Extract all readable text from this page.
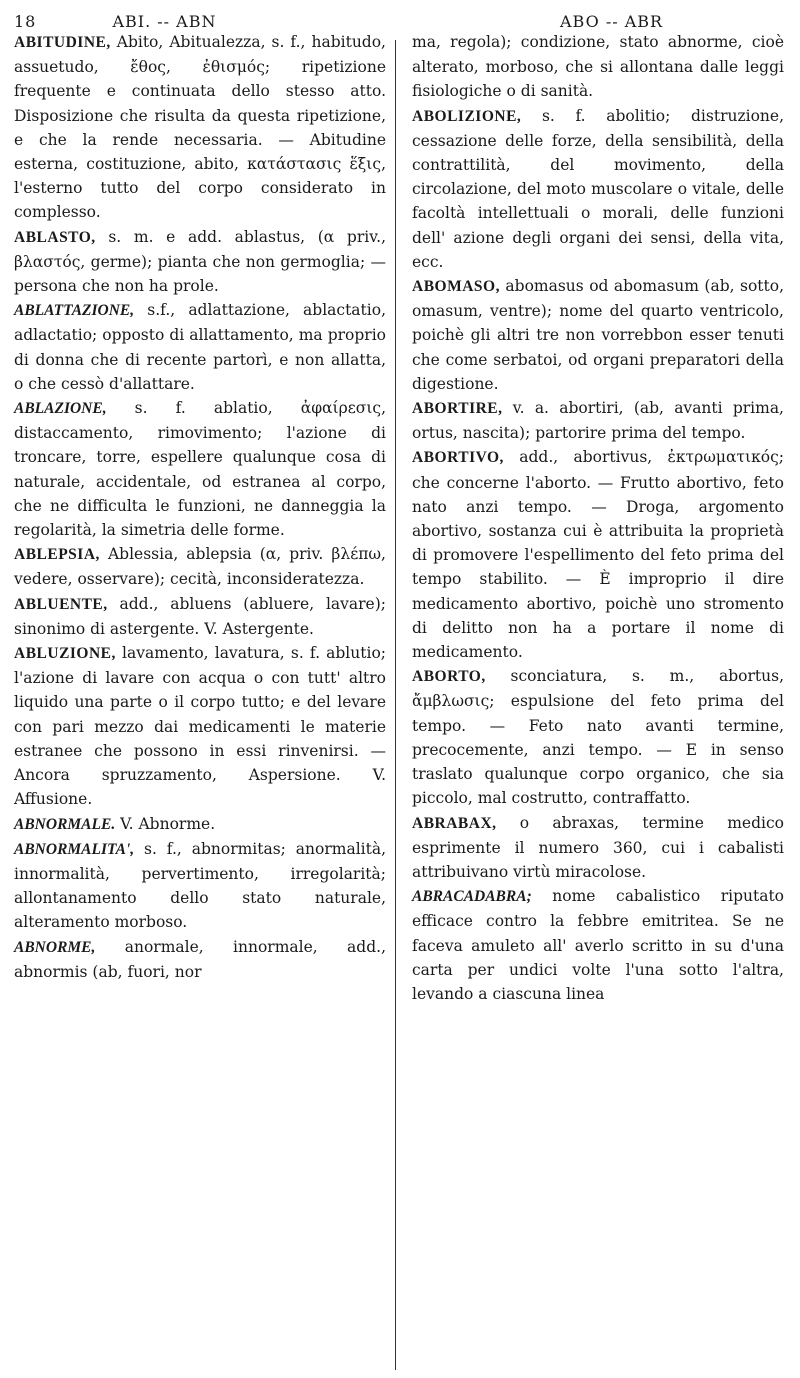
18	ABI. -- ABN	ABO -- ABR

ABITUDINE, Abito, Abitualezza, s. f., habitudo, assuetudo, ἔθος, ἐθισμός; ripetizione frequente e continuata dello stesso atto. Disposizione che risulta da questa ripetizione, e che la rende necessaria. — Abitudine esterna, costituzione, abito, κατάστασις ἕξις, l'esterno tutto del corpo considerato in complesso.

ABLASTO, s. m. e add. ablastus, (α priv., βλαστός, germe); pianta che non germoglia; — persona che non ha prole.

ABLATTAZIONE, s.f., adlattazione, ablactatio, adlactatio; opposto di allattamento, ma proprio di donna che di recente partorì, e non allatta, o che cessò d'allattare.

ABLAZIONE, s. f. ablatio, ἀφαίρεσις, distaccamento, rimovimento; l'azione di troncare, torre, espellere qualunque cosa di naturale, accidentale, od estranea al corpo, che ne difficulta le funzioni, ne danneggia la regolarità, la simetria delle forme.

ABLEPSIA, Ablessia, ablepsia (α, priv. βλέπω, vedere, osservare); cecità, inconsideratezza.

ABLUENTE, add., abluens (abluere, lavare); sinonimo di astergente. V. Astergente.

ABLUZIONE, lavamento, lavatura, s. f. ablutio; l'azione di lavare con acqua o con tutt' altro liquido una parte o il corpo tutto; e del levare con pari mezzo dai medicamenti le materie estranee che possono in essi rinvenirsi. — Ancora spruzzamento, Aspersione. V. Affusione.

ABNORMALE. V. Abnorme.

ABNORMALITA', s. f., abnormitas; anormalità, innormalità, pervertimento, irregolarità; allontanamento dello stato naturale, alteramento morboso.

ABNORME, anormale, innormale, add., abnormis (ab, fuori, nor

ma, regola); condizione, stato abnorme, cioè alterato, morboso, che si allontana dalle leggi fisiologiche o di sanità.

ABOLIZIONE, s. f. abolitio; distruzione, cessazione delle forze, della sensibilità, della contrattilità, del movimento, della circolazione, del moto muscolare o vitale, delle facoltà intellettuali o morali, delle funzioni dell' azione degli organi dei sensi, della vita, ecc.

ABOMASO, abomasus od abomasum (ab, sotto, omasum, ventre); nome del quarto ventricolo, poichè gli altri tre non vorrebbon esser tenuti che come serbatoi, od organi preparatori della digestione.

ABORTIRE, v. a. abortiri, (ab, avanti prima, ortus, nascita); partorire prima del tempo.

ABORTIVO, add., abortivus, ἐκτρωματικός; che concerne l'aborto. — Frutto abortivo, feto nato anzi tempo. — Droga, argomento abortivo, sostanza cui è attribuita la proprietà di promovere l'espellimento del feto prima del tempo stabilito. — È improprio il dire medicamento abortivo, poichè uno stromento di delitto non ha a portare il nome di medicamento.

ABORTO, sconciatura, s. m., abortus, ἄμβλωσις; espulsione del feto prima del tempo. — Feto nato avanti termine, precocemente, anzi tempo. — E in senso traslato qualunque corpo organico, che sia piccolo, mal costrutto, contraffatto.

ABRABAX, o abraxas, termine medico esprimente il numero 360, cui i cabalisti attribuivano virtù miracolose.

ABRACADABRA; nome cabalistico riputato efficace contro la febbre emitritea. Se ne faceva amuleto all' averlo scritto in su d'una carta per undici volte l'una sotto l'altra, levando a ciascuna linea
